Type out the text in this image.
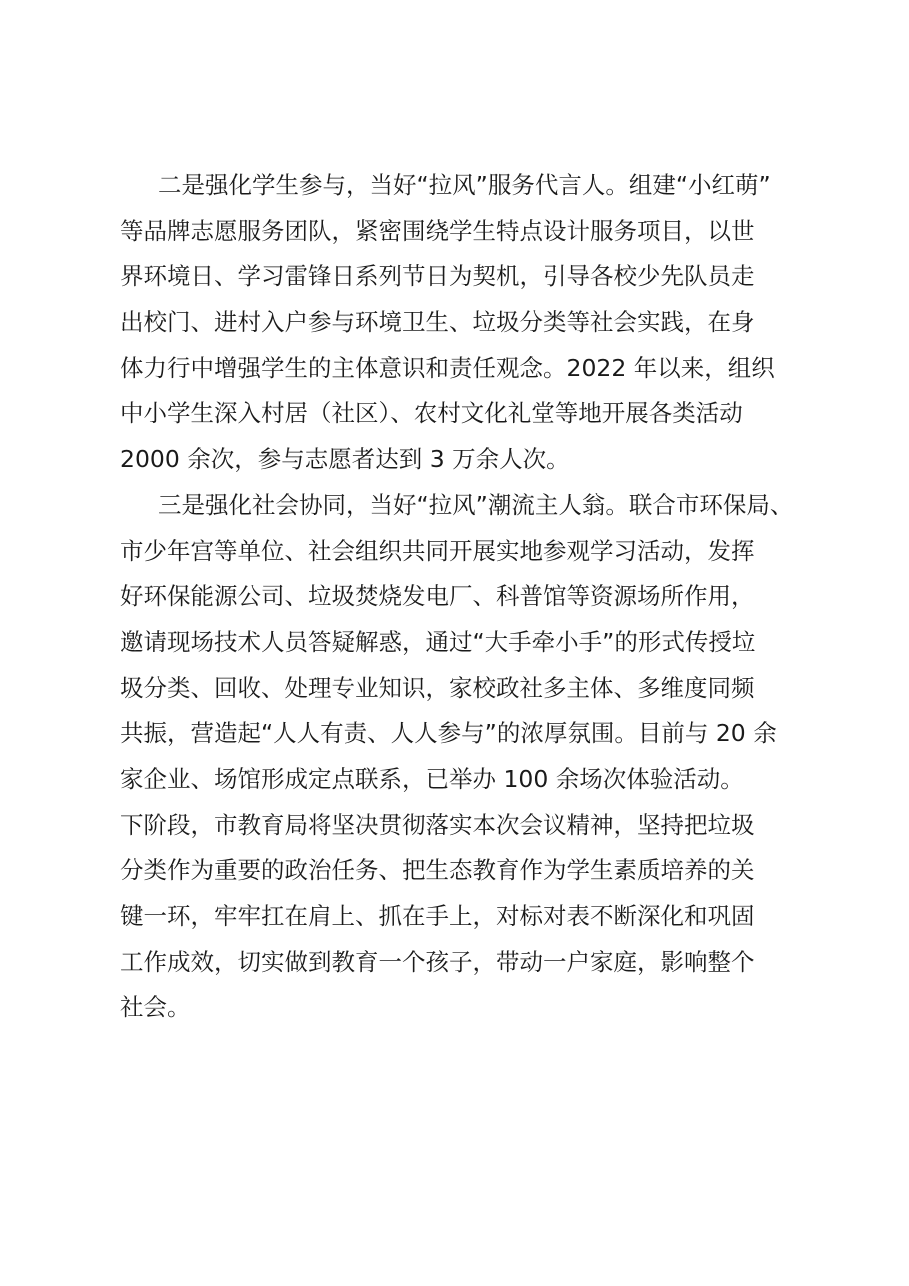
二是强化学生参与，当好“拉风”服务代言人。组建“小红萌”
等品牌志愿服务团队，紧密围绕学生特点设计服务项目，以世
界环境日、学习雷锋日系列节日为契机，引导各校少先队员走
出校门、进村入户参与环境卫生、垃圾分类等社会实践，在身
体力行中增强学生的主体意识和责任观念。2022 年以来，组织
中小学生深入村居（社区）、农村文化礼堂等地开展各类活动
2000 余次，参与志愿者达到 3 万余人次。
三是强化社会协同，当好“拉风”潮流主人翁。联合市环保局、
市少年宫等单位、社会组织共同开展实地参观学习活动，发挥
好环保能源公司、垃圾焚烧发电厂、科普馆等资源场所作用，
邀请现场技术人员答疑解惑，通过“大手牵小手”的形式传授垃
圾分类、回收、处理专业知识，家校政社多主体、多维度同频
共振，营造起“人人有责、人人参与”的浓厚氛围。目前与 20 余
家企业、场馆形成定点联系，已举办 100 余场次体验活动。
下阶段，市教育局将坚决贯彻落实本次会议精神，坚持把垃圾
分类作为重要的政治任务、把生态教育作为学生素质培养的关
键一环，牢牢扛在肩上、抓在手上，对标对表不断深化和巩固
工作成效，切实做到教育一个孩子，带动一户家庭，影响整个
社会。
